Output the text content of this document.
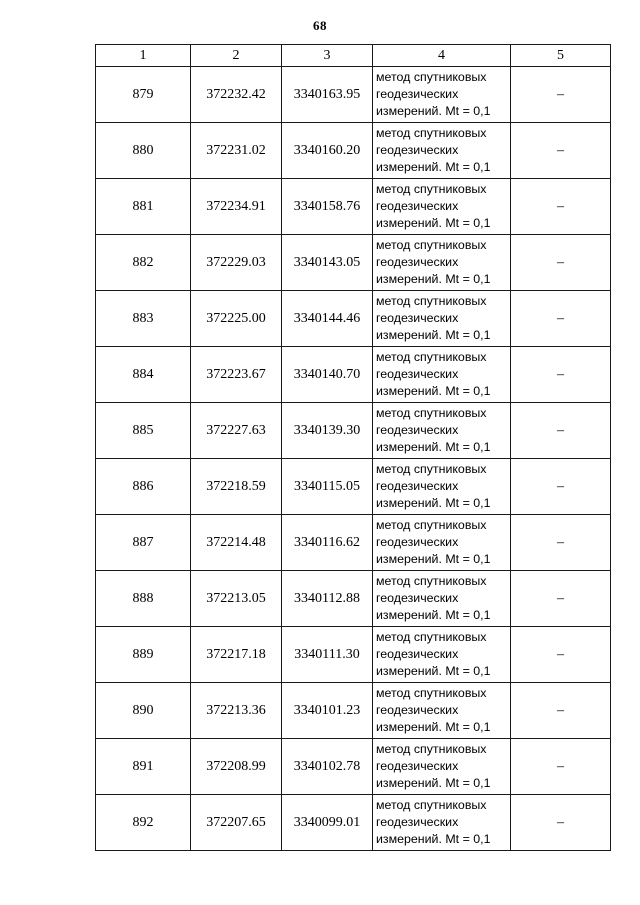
68
1	2	3	4	5
879	372232.42	3340163.95	метод спутниковых
геодезических
измерений. Mt = 0,1	–
880	372231.02	3340160.20	метод спутниковых
геодезических
измерений. Mt = 0,1	–
881	372234.91	3340158.76	метод спутниковых
геодезических
измерений. Mt = 0,1	–
882	372229.03	3340143.05	метод спутниковых
геодезических
измерений. Mt = 0,1	–
883	372225.00	3340144.46	метод спутниковых
геодезических
измерений. Mt = 0,1	–
884	372223.67	3340140.70	метод спутниковых
геодезических
измерений. Mt = 0,1	–
885	372227.63	3340139.30	метод спутниковых
геодезических
измерений. Mt = 0,1	–
886	372218.59	3340115.05	метод спутниковых
геодезических
измерений. Mt = 0,1	–
887	372214.48	3340116.62	метод спутниковых
геодезических
измерений. Mt = 0,1	–
888	372213.05	3340112.88	метод спутниковых
геодезических
измерений. Mt = 0,1	–
889	372217.18	3340111.30	метод спутниковых
геодезических
измерений. Mt = 0,1	–
890	372213.36	3340101.23	метод спутниковых
геодезических
измерений. Mt = 0,1	–
891	372208.99	3340102.78	метод спутниковых
геодезических
измерений. Mt = 0,1	–
892	372207.65	3340099.01	метод спутниковых
геодезических
измерений. Mt = 0,1	–
